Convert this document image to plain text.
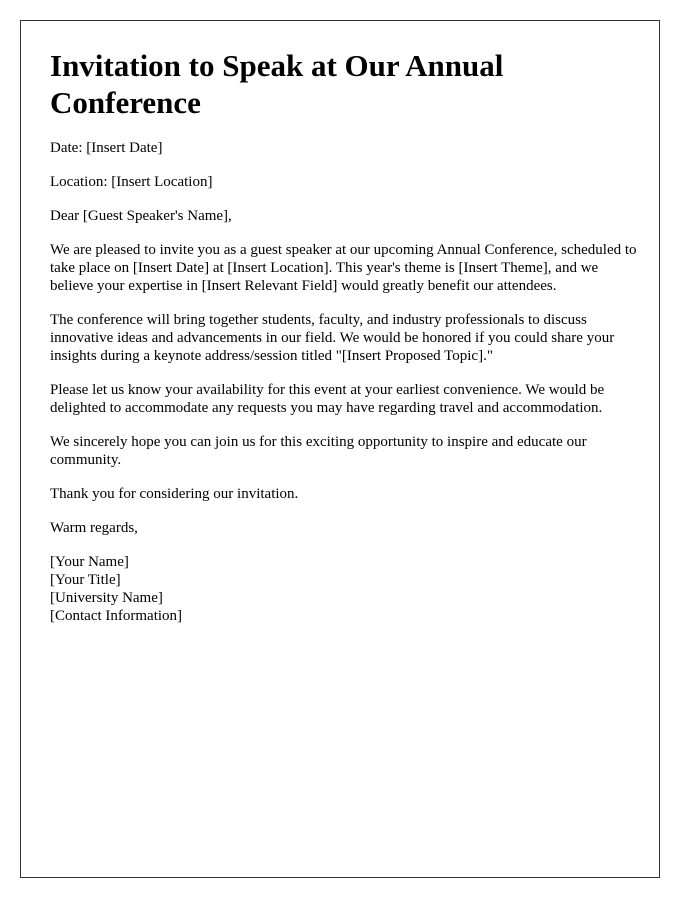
Invitation to Speak at Our Annual Conference

Date: [Insert Date]

Location: [Insert Location]

Dear [Guest Speaker's Name],

We are pleased to invite you as a guest speaker at our upcoming Annual Conference, scheduled to take place on [Insert Date] at [Insert Location]. This year's theme is [Insert Theme], and we believe your expertise in [Insert Relevant Field] would greatly benefit our attendees.

The conference will bring together students, faculty, and industry professionals to discuss innovative ideas and advancements in our field. We would be honored if you could share your insights during a keynote address/session titled "[Insert Proposed Topic]."

Please let us know your availability for this event at your earliest convenience. We would be delighted to accommodate any requests you may have regarding travel and accommodation.

We sincerely hope you can join us for this exciting opportunity to inspire and educate our community.

Thank you for considering our invitation.

Warm regards,

[Your Name]
[Your Title]
[University Name]
[Contact Information]
